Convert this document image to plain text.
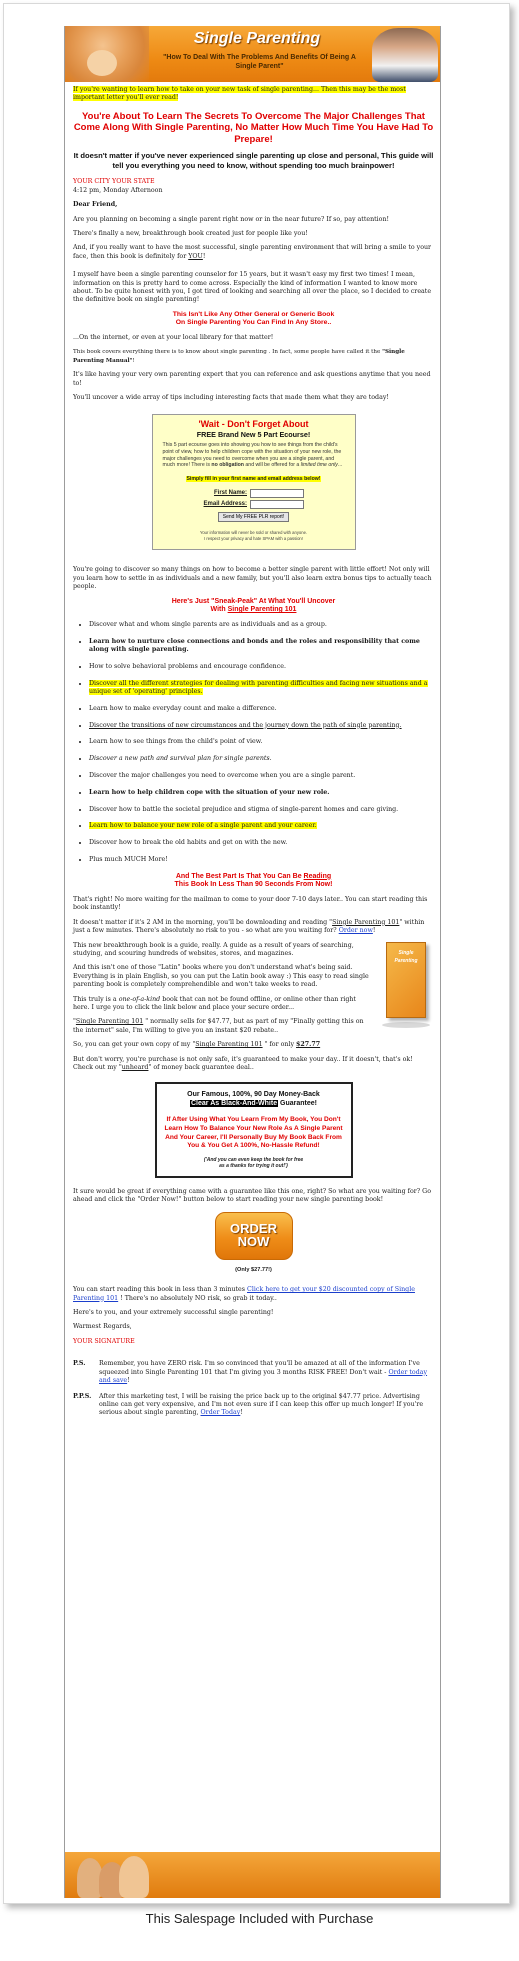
Single Parenting
"How To Deal With The Problems And Benefits Of Being A Single Parent"

If you're wanting to learn how to take on your new task of single parenting... Then this may be the most important letter you'll ever read!

You're About To Learn The Secrets To Overcome The Major Challenges That Come Along With Single Parenting, No Matter How Much Time You Have Had To Prepare!
It doesn't matter if you've never experienced single parenting up close and personal, This guide will tell you everything you need to know, without spending too much brainpower!

YOUR CITY YOUR STATE

4:12 pm, Monday Afternoon

Dear Friend,

Are you planning on becoming a single parent right now or in the near future? If so, pay attention!

There's finally a new, breakthrough book created just for people like you!

And, if you really want to have the most successful, single parenting environment that will bring a smile to your face, then this book is definitely for YOU!

I myself have been a single parenting counselor for 15 years, but it wasn't easy my first two times! I mean, information on this is pretty hard to come across. Especially the kind of information I wanted to know more about. To be quite honest with you, I got tired of looking and searching all over the place, so I decided to create the definitive book on single parenting!

This Isn't Like Any Other General or Generic Book
On Single Parenting You Can Find In Any Store..

...On the internet, or even at your local library for that matter!

This book covers everything there is to know about single parenting . In fact, some people have called it the "Single Parenting Manual"!

It's like having your very own parenting expert that you can reference and ask questions anytime that you need to!

You'll uncover a wide array of tips including interesting facts that made them what they are today!

'Wait - Don't Forget About
FREE Brand New 5 Part Ecourse!
This 5 part ecourse goes into showing you how to see things from the child's point of view, how to help children cope with the situation of your new role, the major challenges you need to overcome when you are a single parent, and much more! There is no obligation and will be offered for a limited time only...
Simply fill in your first name and email address below!
First Name:
Email Address:
Send My FREE PLR report!
Your information will never be sold or shared with anyone.
I respect your privacy and hate SPAM with a passion!

You're going to discover so many things on how to become a better single parent with little effort! Not only will you learn how to settle in as individuals and a new family, but you'll also learn extra bonus tips to actually teach people.

Here's Just "Sneak-Peak" At What You'll Uncover
With Single Parenting 101
• Discover what and whom single parents are as individuals and as a group.
• Learn how to nurture close connections and bonds and the roles and responsibility that come along with single parenting.
• How to solve behavioral problems and encourage confidence.
• Discover all the different strategies for dealing with parenting difficulties and facing new situations and a unique set of 'operating' principles.
• Learn how to make everyday count and make a difference.
• Discover the transitions of new circumstances and the journey down the path of single parenting.
• Learn how to see things from the child's point of view.
• Discover a new path and survival plan for single parents.
• Discover the major challenges you need to overcome when you are a single parent.
• Learn how to help children cope with the situation of your new role.
• Discover how to battle the societal prejudice and stigma of single-parent homes and care giving.
• Learn how to balance your new role of a single parent and your career.
• Discover how to break the old habits and get on with the new.
• Plus much MUCH More!
And The Best Part Is That You Can Be Reading
This Book In Less Than 90 Seconds From Now!

That's right! No more waiting for the mailman to come to your door 7-10 days later.. You can start reading this book instantly!

It doesn't matter if it's 2 AM in the morning, you'll be downloading and reading "Single Parenting 101" within just a few minutes. There's absolutely no risk to you - so what are you waiting for? Order now!

Single Parenting

This new breakthrough book is a guide, really. A guide as a result of years of searching, studying, and scouring hundreds of websites, stores, and magazines.

And this isn't one of those "Latin" books where you don't understand what's being said. Everything is in plain English, so you can put the Latin book away :) This easy to read single parenting book is completely comprehendible and won't take weeks to read.

This truly is a one-of-a-kind book that can not be found offline, or online other than right here. I urge you to click the link below and place your secure order...

"Single Parenting 101 " normally sells for $47.77, but as part of my "Finally getting this on the internet" sale, I'm willing to give you an instant $20 rebate..

So, you can get your own copy of my "Single Parenting 101 " for only $27.77

But don't worry, you're purchase is not only safe, it's guaranteed to make your day.. If it doesn't, that's ok! Check out my "unheard" of money back guarantee deal..

Our Famous, 100%, 90 Day Money-Back
Clear As Black-And-White Guarantee!
If After Using What You Learn From My Book, You Don't Learn How To Balance Your New Role As A Single Parent And Your Career, I'll Personally Buy My Book Back From You & You Get A 100%, No-Hassle Refund!
('And you can even keep the book for free
as a thanks for trying it out!')

It sure would be great if everything came with a guarantee like this one, right? So what are you waiting for? Go ahead and click the "Order Now!" button below to start reading your new single parenting book!

ORDER NOW
(Only $27.77!)

You can start reading this book in less than 3 minutes Click here to get your $20 discounted copy of Single Parenting 101 ! There's no absolutely NO risk, so grab it today..

Here's to you, and your extremely successful single parenting!

Warmest Regards,

YOUR SIGNATURE

P.S.	Remember, you have ZERO risk. I'm so convinced that you'll be amazed at all of the information I've squeezed into Single Parenting 101 that I'm giving you 3 months RISK FREE! Don't wait - Order today and save!
P.P.S.	After this marketing test, I will be raising the price back up to the original $47.77 price. Advertising online can get very expensive, and I'm not even sure if I can keep this offer up much longer! If you're serious about single parenting, Order Today!
This Salespage Included with Purchase
